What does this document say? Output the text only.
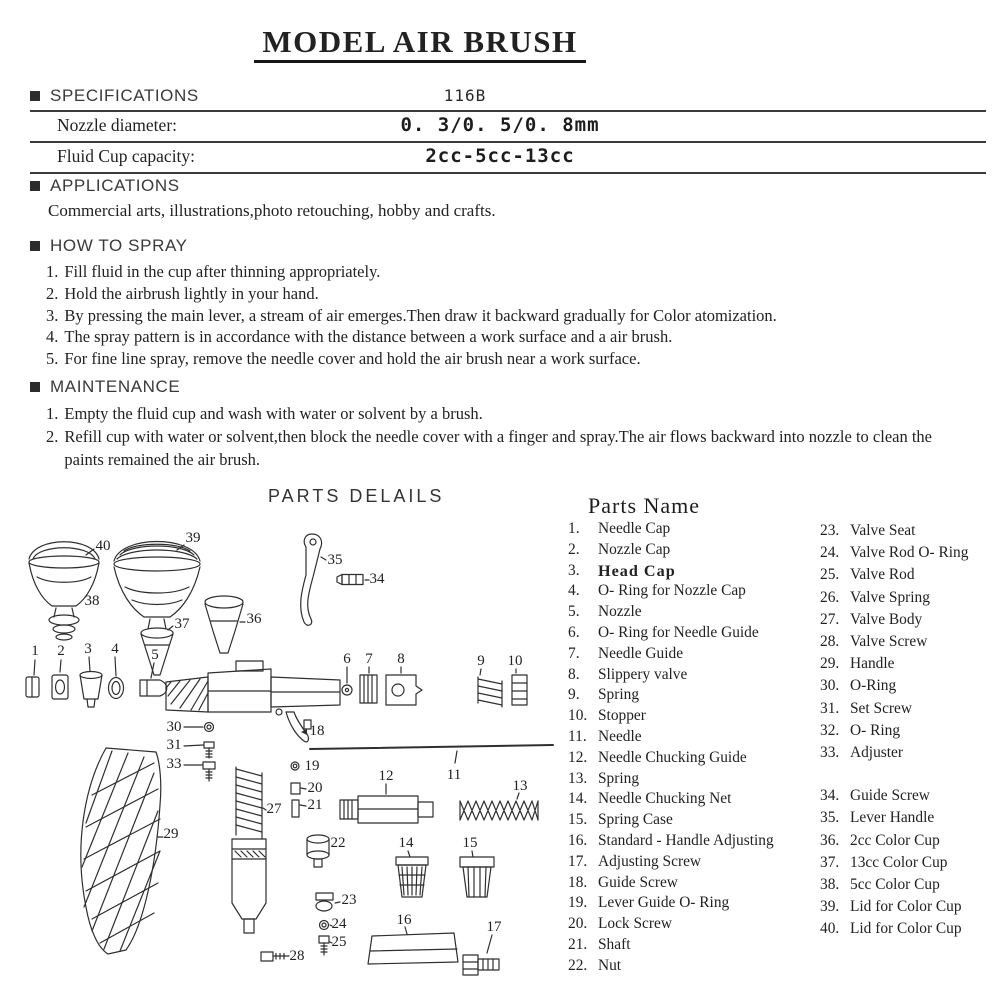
MODEL AIR BRUSH
SPECIFICATIONS	116B
Nozzle diameter:	0. 3/0. 5/0. 8mm
Fluid Cup capacity:	2cc-5cc-13cc
APPLICATIONS
Commercial arts, illustrations,photo retouching, hobby and crafts.
HOW TO SPRAY
1. Fill fluid in the cup after thinning appropriately.
2. Hold the airbrush lightly in your hand.
3. By pressing the main lever, a stream of air emerges.Then draw it backward gradually for Color atomization.
4. The spray pattern is in accordance with the distance between a work surface and a air brush.
5. For fine line spray, remove the needle cover and hold the air brush near a work surface.
MAINTENANCE
1. Empty the fluid cup and wash with water or solvent by a brush.
2. Refill cup with water or solvent,then block the needle cover with a finger and spray.The air flows backward into nozzle to clean the paints remained the air brush.
PARTS DELAILS	Parts Name
40	39
38
37	36
35
34
1 2 3 4 5	6 7 8	9 10
18
30
31
33	19
20
21
27
29
12	11
13
22	14	15
23
24
25
16	17
28
1.	Needle Cap
2.	Nozzle Cap
3.	Head Cap
4.	O- Ring for Nozzle Cap
5.	Nozzle
6.	O- Ring for Needle Guide
7.	Needle Guide
8.	Slippery valve
9.	Spring
10. Stopper
11. Needle
12. Needle Chucking Guide
13. Spring
14. Needle Chucking Net
15. Spring Case
16. Standard - Handle Adjusting
17. Adjusting Screw
18. Guide Screw
19. Lever Guide O- Ring
20. Lock Screw
21. Shaft
22. Nut
23. Valve Seat
24. Valve Rod O- Ring
25. Valve Rod
26. Valve Spring
27. Valve Body
28. Valve Screw
29. Handle
30. O-Ring
31. Set Screw
32. O- Ring
33. Adjuster
34. Guide Screw
35. Lever Handle
36. 2cc Color Cup
37. 13cc Color Cup
38. 5cc Color Cup
39. Lid for Color Cup
40. Lid for Color Cup
